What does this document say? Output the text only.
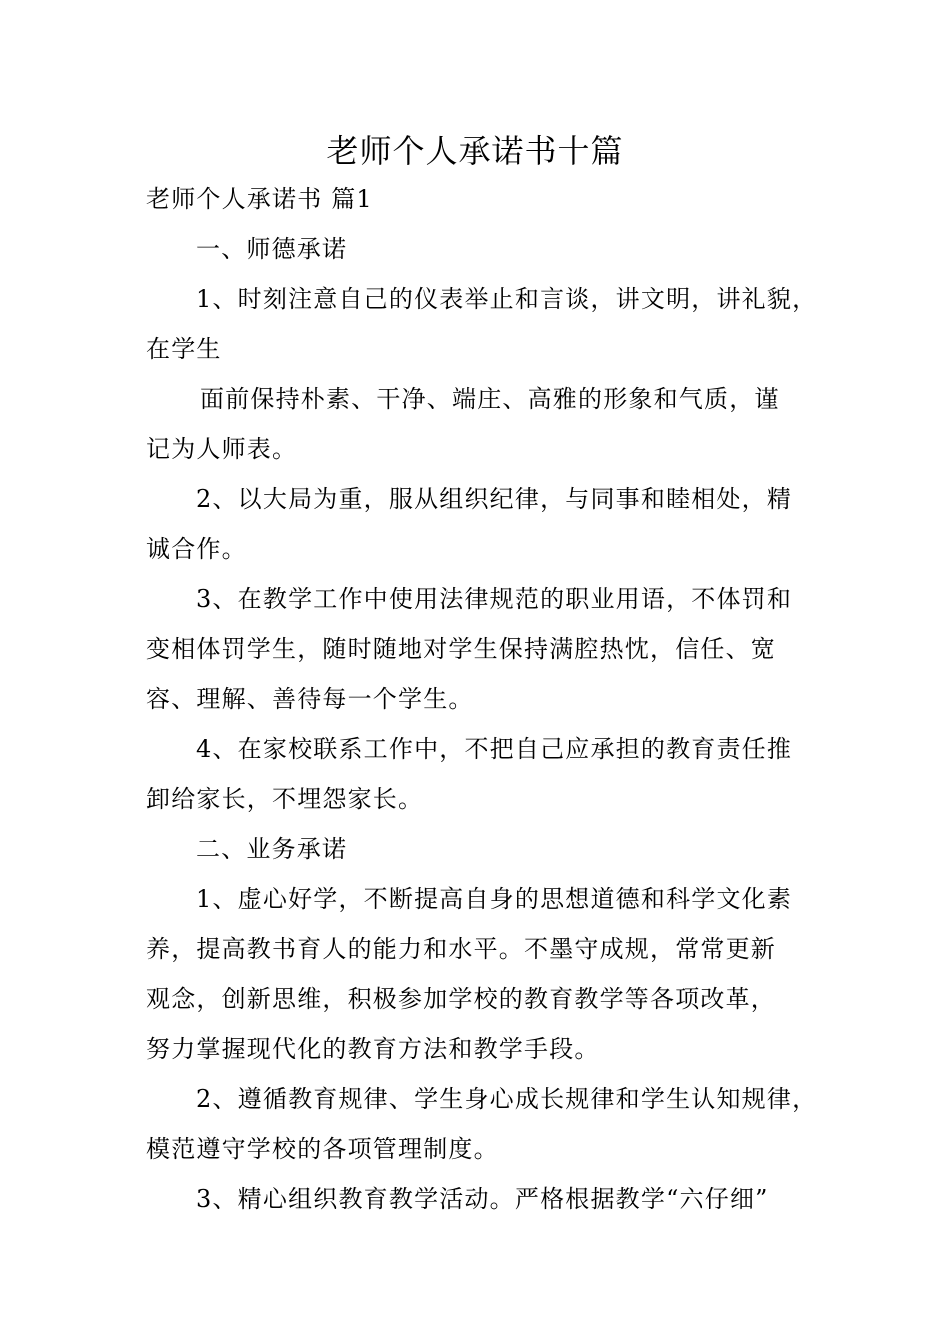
老师个人承诺书十篇
老师个人承诺书 篇1
一、师德承诺
1、时刻注意自己的仪表举止和言谈，讲文明，讲礼貌，
在学生
面前保持朴素、干净、端庄、高雅的形象和气质，谨
记为人师表。
2、以大局为重，服从组织纪律，与同事和睦相处，精
诚合作。
3、在教学工作中使用法律规范的职业用语，不体罚和
变相体罚学生，随时随地对学生保持满腔热忱，信任、宽
容、理解、善待每一个学生。
4、在家校联系工作中，不把自己应承担的教育责任推
卸给家长，不埋怨家长。
二、业务承诺
1、虚心好学，不断提高自身的思想道德和科学文化素
养，提高教书育人的能力和水平。不墨守成规，常常更新
观念，创新思维，积极参加学校的教育教学等各项改革，
努力掌握现代化的教育方法和教学手段。
2、遵循教育规律、学生身心成长规律和学生认知规律，
模范遵守学校的各项管理制度。
3、精心组织教育教学活动。严格根据教学“六仔细”
